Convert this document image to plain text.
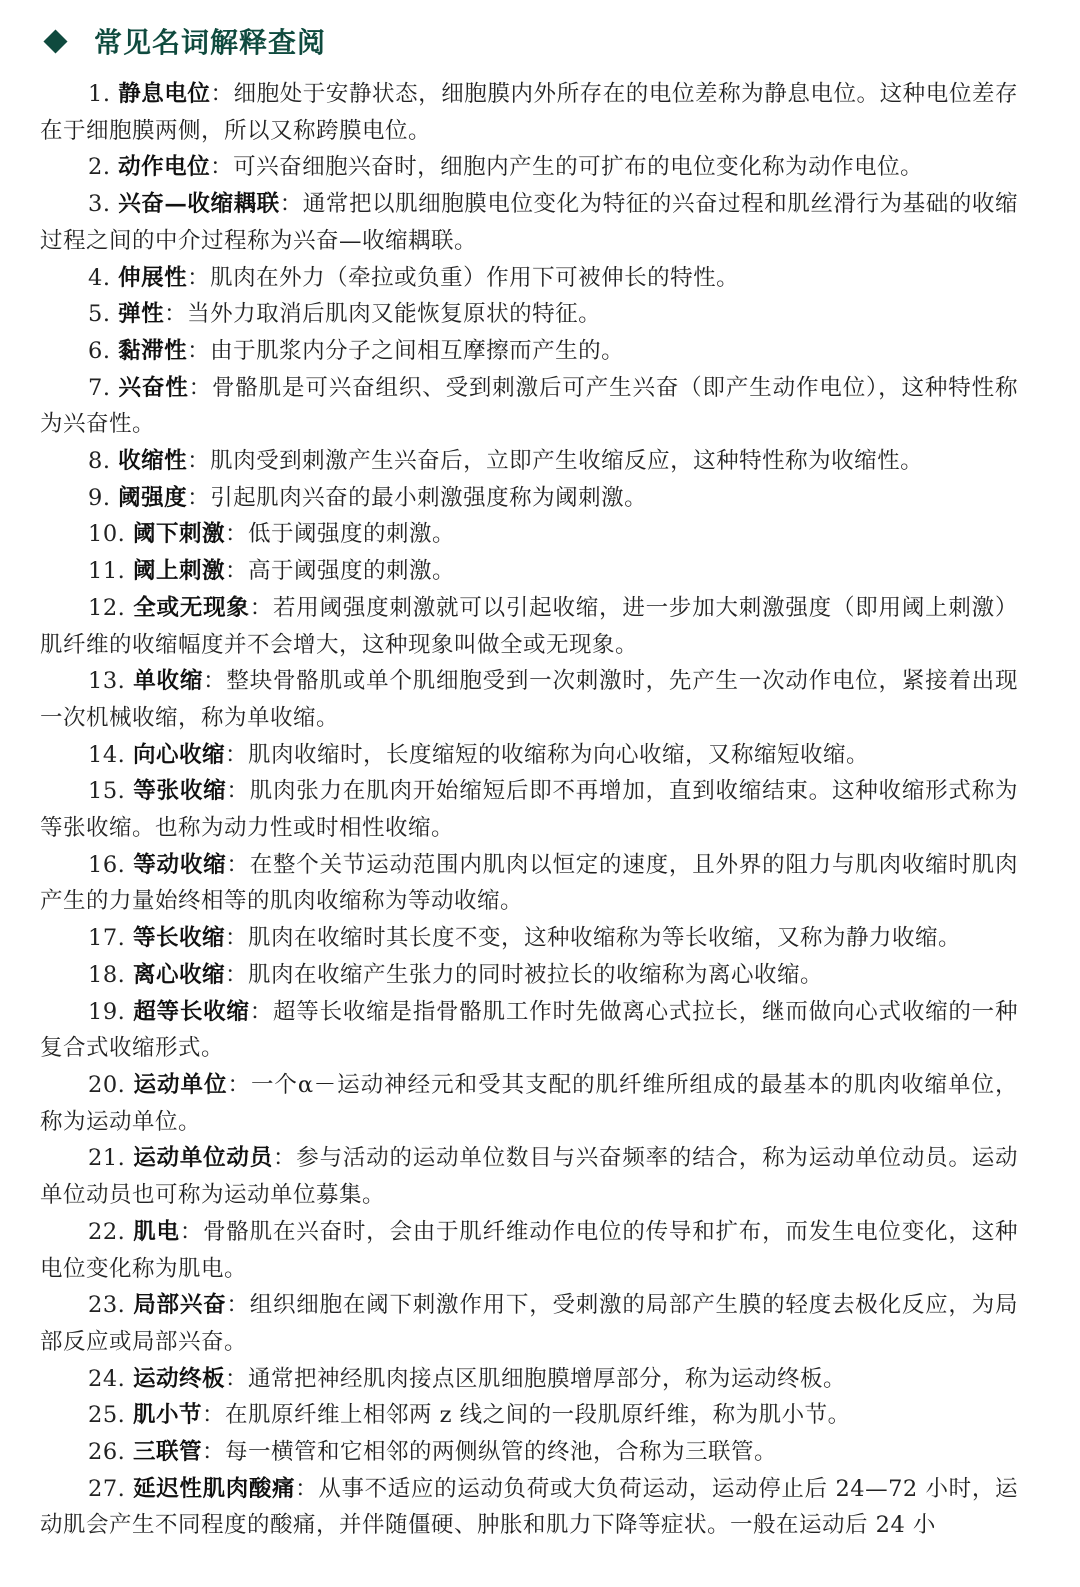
常见名词解释查阅

1. 静息电位：细胞处于安静状态，细胞膜内外所存在的电位差称为静息电位。这种电位差存在于细胞膜两侧，所以又称跨膜电位。

2. 动作电位：可兴奋细胞兴奋时，细胞内产生的可扩布的电位变化称为动作电位。

3. 兴奋—收缩耦联：通常把以肌细胞膜电位变化为特征的兴奋过程和肌丝滑行为基础的收缩过程之间的中介过程称为兴奋—收缩耦联。

4. 伸展性：肌肉在外力（牵拉或负重）作用下可被伸长的特性。

5. 弹性：当外力取消后肌肉又能恢复原状的特征。

6. 黏滞性：由于肌浆内分子之间相互摩擦而产生的。

7. 兴奋性：骨骼肌是可兴奋组织、受到刺激后可产生兴奋（即产生动作电位），这种特性称为兴奋性。

8. 收缩性：肌肉受到刺激产生兴奋后，立即产生收缩反应，这种特性称为收缩性。

9. 阈强度：引起肌肉兴奋的最小刺激强度称为阈刺激。

10. 阈下刺激：低于阈强度的刺激。

11. 阈上刺激：高于阈强度的刺激。

12. 全或无现象：若用阈强度刺激就可以引起收缩，进一步加大刺激强度（即用阈上刺激）肌纤维的收缩幅度并不会增大，这种现象叫做全或无现象。

13. 单收缩：整块骨骼肌或单个肌细胞受到一次刺激时，先产生一次动作电位，紧接着出现一次机械收缩，称为单收缩。

14. 向心收缩：肌肉收缩时，长度缩短的收缩称为向心收缩，又称缩短收缩。

15. 等张收缩：肌肉张力在肌肉开始缩短后即不再增加，直到收缩结束。这种收缩形式称为等张收缩。也称为动力性或时相性收缩。

16. 等动收缩：在整个关节运动范围内肌肉以恒定的速度，且外界的阻力与肌肉收缩时肌肉产生的力量始终相等的肌肉收缩称为等动收缩。

17. 等长收缩：肌肉在收缩时其长度不变，这种收缩称为等长收缩，又称为静力收缩。

18. 离心收缩：肌肉在收缩产生张力的同时被拉长的收缩称为离心收缩。

19. 超等长收缩：超等长收缩是指骨骼肌工作时先做离心式拉长，继而做向心式收缩的一种复合式收缩形式。

20. 运动单位：一个α－运动神经元和受其支配的肌纤维所组成的最基本的肌肉收缩单位，称为运动单位。

21. 运动单位动员：参与活动的运动单位数目与兴奋频率的结合，称为运动单位动员。运动单位动员也可称为运动单位募集。

22. 肌电：骨骼肌在兴奋时，会由于肌纤维动作电位的传导和扩布，而发生电位变化，这种电位变化称为肌电。

23. 局部兴奋：组织细胞在阈下刺激作用下，受刺激的局部产生膜的轻度去极化反应，为局部反应或局部兴奋。

24. 运动终板：通常把神经肌肉接点区肌细胞膜增厚部分，称为运动终板。

25. 肌小节：在肌原纤维上相邻两 z 线之间的一段肌原纤维，称为肌小节。

26. 三联管：每一横管和它相邻的两侧纵管的终池，合称为三联管。

27. 延迟性肌肉酸痛：从事不适应的运动负荷或大负荷运动，运动停止后 24—72 小时，运动肌会产生不同程度的酸痛，并伴随僵硬、肿胀和肌力下降等症状。一般在运动后 24 小
